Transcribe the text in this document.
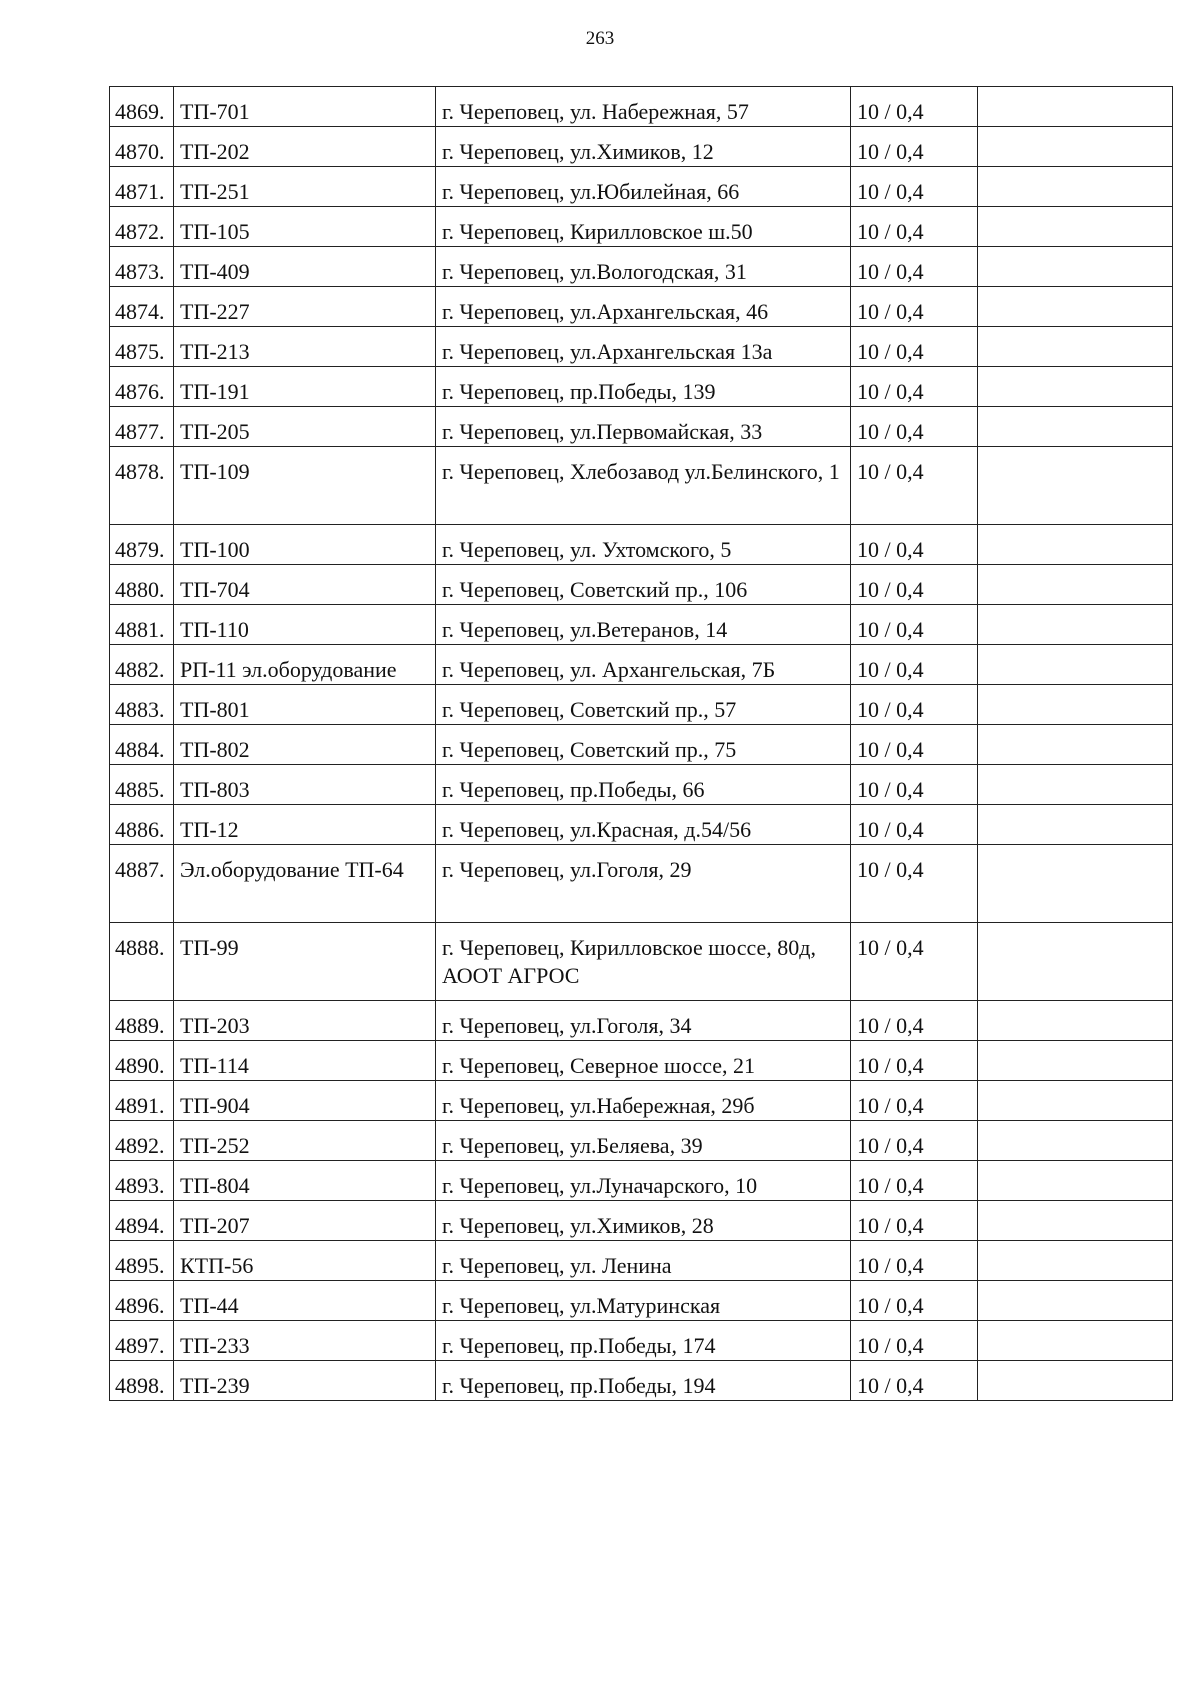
263
4869.	ТП-701	г. Череповец, ул. Набережная, 57	10 / 0,4	
4870.	ТП-202	г. Череповец, ул.Химиков, 12	10 / 0,4	
4871.	ТП-251	г. Череповец, ул.Юбилейная, 66	10 / 0,4	
4872.	ТП-105	г. Череповец, Кирилловское ш.50	10 / 0,4	
4873.	ТП-409	г. Череповец, ул.Вологодская, 31	10 / 0,4	
4874.	ТП-227	г. Череповец, ул.Архангельская, 46	10 / 0,4	
4875.	ТП-213	г. Череповец, ул.Архангельская 13а	10 / 0,4	
4876.	ТП-191	г. Череповец, пр.Победы, 139	10 / 0,4	
4877.	ТП-205	г. Череповец, ул.Первомайская, 33	10 / 0,4	
4878.	ТП-109	г. Череповец, Хлебозавод ул.Белинского, 1	10 / 0,4	
4879.	ТП-100	г. Череповец, ул. Ухтомского, 5	10 / 0,4	
4880.	ТП-704	г. Череповец, Советский пр., 106	10 / 0,4	
4881.	ТП-110	г. Череповец, ул.Ветеранов, 14	10 / 0,4	
4882.	РП-11 эл.оборудование	г. Череповец, ул. Архангельская, 7Б	10 / 0,4	
4883.	ТП-801	г. Череповец, Советский пр., 57	10 / 0,4	
4884.	ТП-802	г. Череповец, Советский пр., 75	10 / 0,4	
4885.	ТП-803	г. Череповец, пр.Победы, 66	10 / 0,4	
4886.	ТП-12	г. Череповец, ул.Красная, д.54/56	10 / 0,4	
4887.	Эл.оборудование ТП-64	г. Череповец, ул.Гоголя, 29	10 / 0,4	
4888.	ТП-99	г. Череповец, Кирилловское шоссе, 80д, АООТ АГРОС	10 / 0,4	
4889.	ТП-203	г. Череповец, ул.Гоголя, 34	10 / 0,4	
4890.	ТП-114	г. Череповец, Северное шоссе, 21	10 / 0,4	
4891.	ТП-904	г. Череповец, ул.Набережная, 29б	10 / 0,4	
4892.	ТП-252	г. Череповец, ул.Беляева, 39	10 / 0,4	
4893.	ТП-804	г. Череповец, ул.Луначарского, 10	10 / 0,4	
4894.	ТП-207	г. Череповец, ул.Химиков, 28	10 / 0,4	
4895.	КТП-56	г. Череповец, ул. Ленина	10 / 0,4	
4896.	ТП-44	г. Череповец, ул.Матуринская	10 / 0,4	
4897.	ТП-233	г. Череповец, пр.Победы, 174	10 / 0,4	
4898.	ТП-239	г. Череповец, пр.Победы, 194	10 / 0,4	
